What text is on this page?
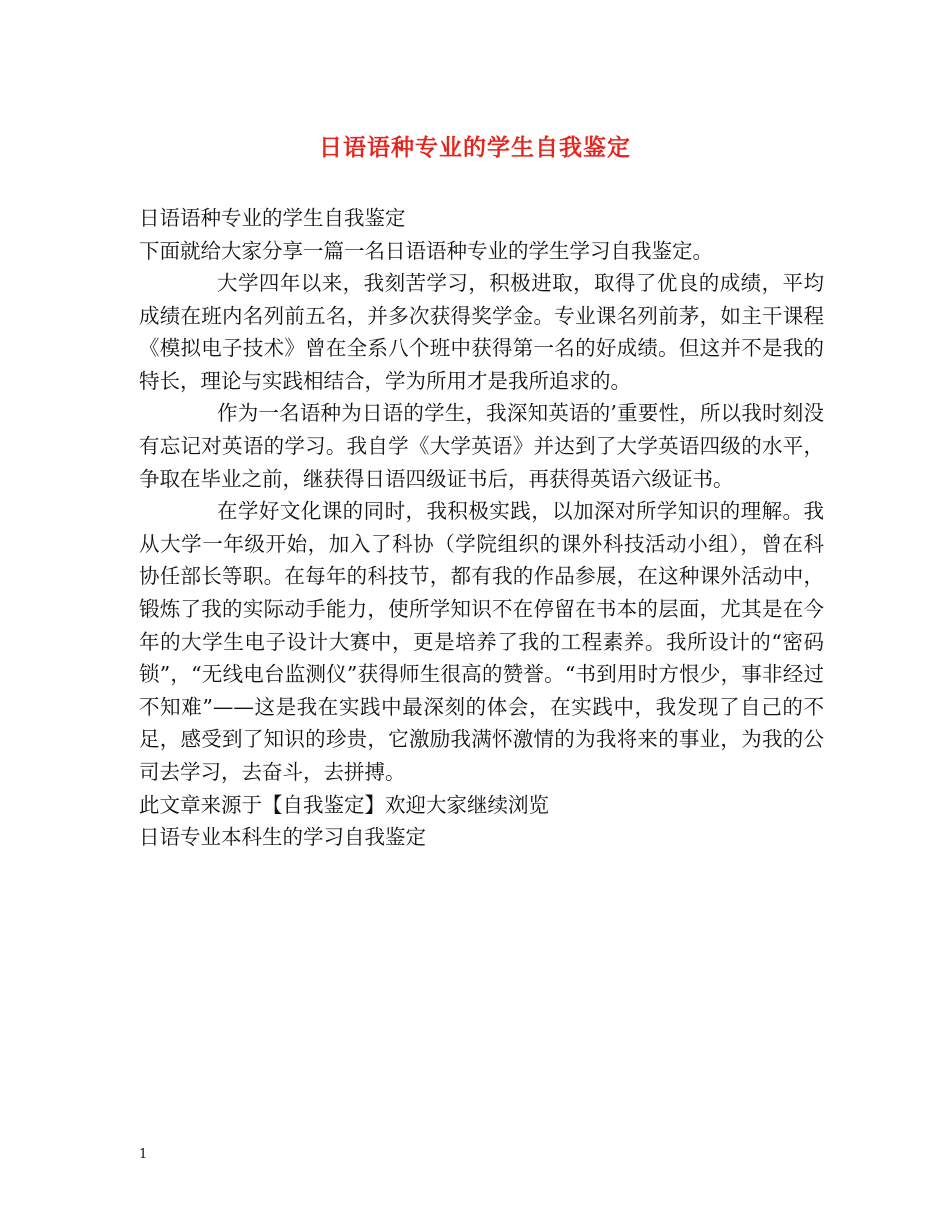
日语语种专业的学生自我鉴定
日语语种专业的学生自我鉴定
下面就给大家分享一篇一名日语语种专业的学生学习自我鉴定。

大学四年以来，我刻苦学习，积极进取，取得了优良的成绩，平均成绩在班内名列前五名，并多次获得奖学金。专业课名列前茅，如主干课程《模拟电子技术》曾在全系八个班中获得第一名的好成绩。但这并不是我的特长，理论与实践相结合，学为所用才是我所追求的。

作为一名语种为日语的学生，我深知英语的’重要性，所以我时刻没有忘记对英语的学习。我自学《大学英语》并达到了大学英语四级的水平，争取在毕业之前，继获得日语四级证书后，再获得英语六级证书。

在学好文化课的同时，我积极实践，以加深对所学知识的理解。我从大学一年级开始，加入了科协（学院组织的课外科技活动小组），曾在科协任部长等职。在每年的科技节，都有我的作品参展，在这种课外活动中，锻炼了我的实际动手能力，使所学知识不在停留在书本的层面，尤其是在今年的大学生电子设计大赛中，更是培养了我的工程素养。我所设计的“密码锁”，“无线电台监测仪”获得师生很高的赞誉。“书到用时方恨少，事非经过不知难”——这是我在实践中最深刻的体会，在实践中，我发现了自己的不足，感受到了知识的珍贵，它激励我满怀激情的为我将来的事业，为我的公司去学习，去奋斗，去拼搏。

此文章来源于【自我鉴定】欢迎大家继续浏览
日语专业本科生的学习自我鉴定
1
